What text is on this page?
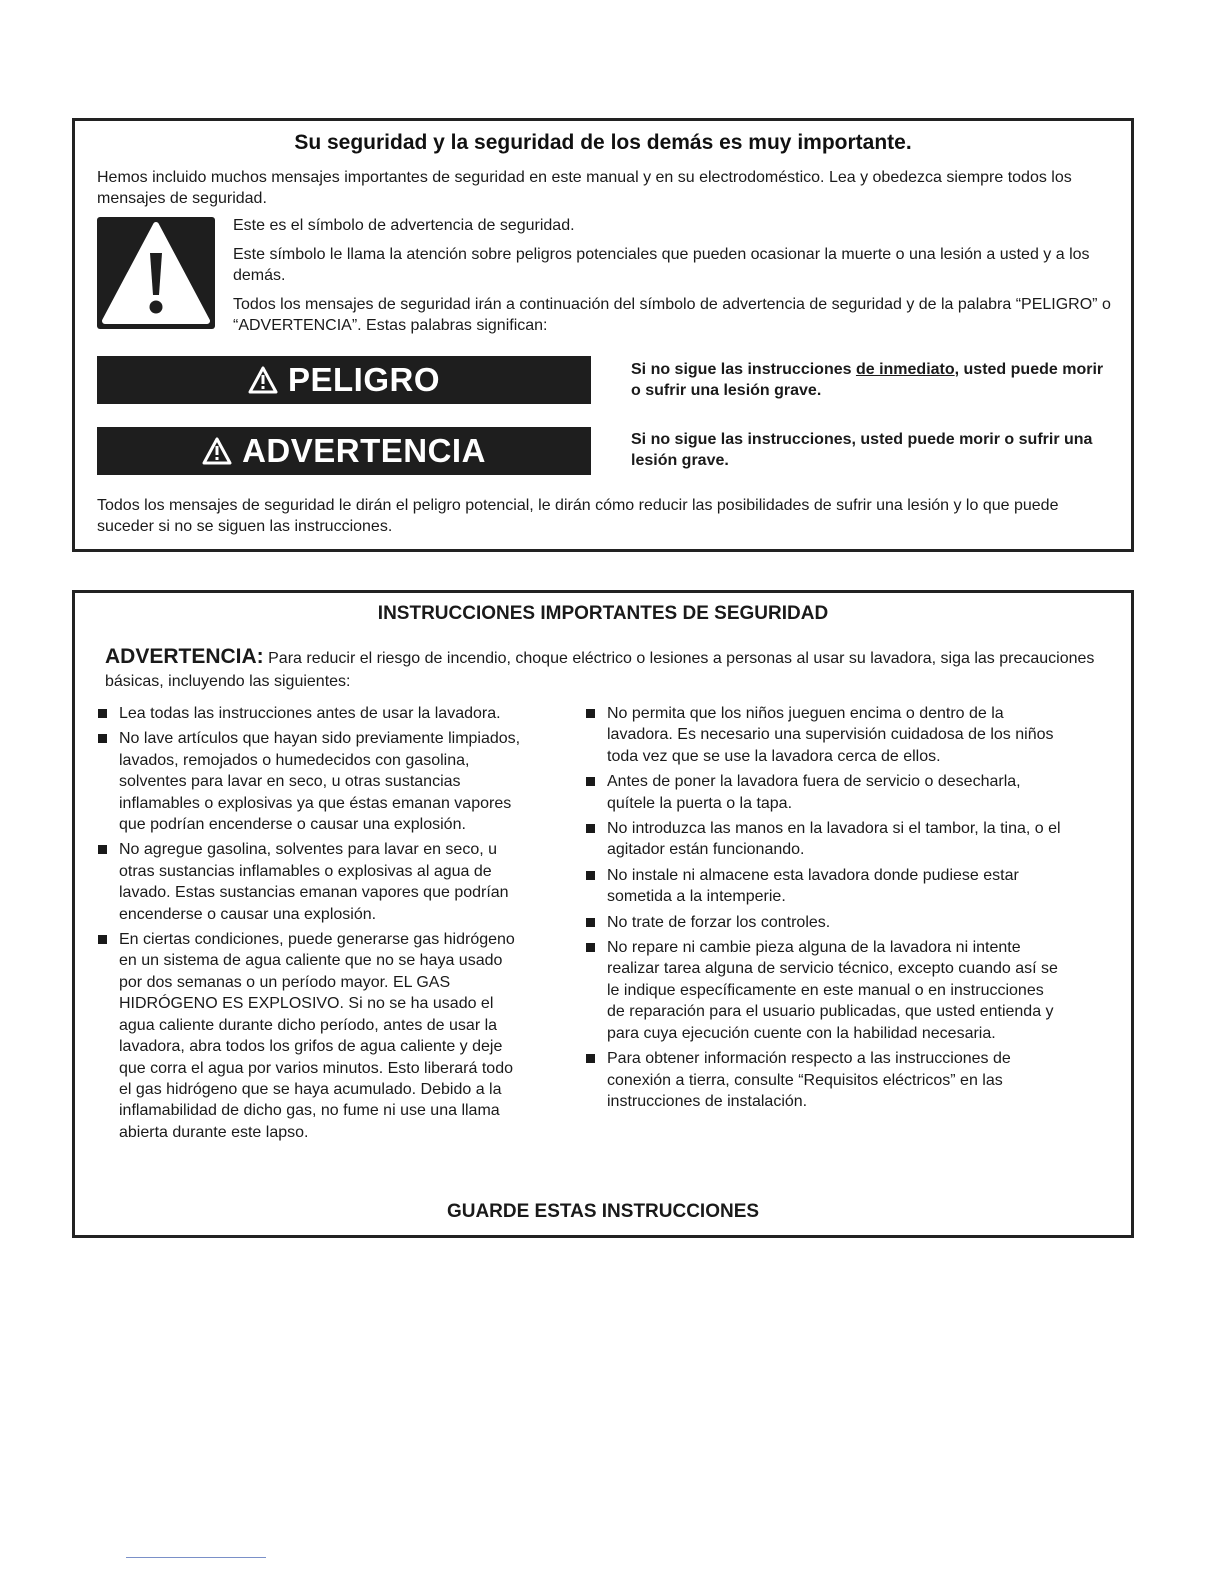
Su seguridad y la seguridad de los demás es muy importante.
Hemos incluido muchos mensajes importantes de seguridad en este manual y en su electrodoméstico. Lea y obedezca siempre todos los mensajes de seguridad.

Este es el símbolo de advertencia de seguridad.

Este símbolo le llama la atención sobre peligros potenciales que pueden ocasionar la muerte o una lesión a usted y a los demás.

Todos los mensajes de seguridad irán a continuación del símbolo de advertencia de seguridad y de la palabra “PELIGRO” o “ADVERTENCIA”. Estas palabras significan:

PELIGRO	Si no sigue las instrucciones de inmediato, usted puede morir o sufrir una lesión grave.
ADVERTENCIA	Si no sigue las instrucciones, usted puede morir o sufrir una lesión grave.
Todos los mensajes de seguridad le dirán el peligro potencial, le dirán cómo reducir las posibilidades de sufrir una lesión y lo que puede suceder si no se siguen las instrucciones.
INSTRUCCIONES IMPORTANTES DE SEGURIDAD
ADVERTENCIA: Para reducir el riesgo de incendio, choque eléctrico o lesiones a personas al usar su lavadora, siga las precauciones básicas, incluyendo las siguientes:
Lea todas las instrucciones antes de usar la lavadora.
No lave artículos que hayan sido previamente limpiados, lavados, remojados o humedecidos con gasolina, solventes para lavar en seco, u otras sustancias inflamables o explosivas ya que éstas emanan vapores que podrían encenderse o causar una explosión.
No agregue gasolina, solventes para lavar en seco, u otras sustancias inflamables o explosivas al agua de lavado. Estas sustancias emanan vapores que podrían encenderse o causar una explosión.
En ciertas condiciones, puede generarse gas hidrógeno en un sistema de agua caliente que no se haya usado por dos semanas o un período mayor. EL GAS HIDRÓGENO ES EXPLOSIVO. Si no se ha usado el agua caliente durante dicho período, antes de usar la lavadora, abra todos los grifos de agua caliente y deje que corra el agua por varios minutos. Esto liberará todo el gas hidrógeno que se haya acumulado. Debido a la inflamabilidad de dicho gas, no fume ni use una llama abierta durante este lapso.
No permita que los niños jueguen encima o dentro de la lavadora. Es necesario una supervisión cuidadosa de los niños toda vez que se use la lavadora cerca de ellos.
Antes de poner la lavadora fuera de servicio o desecharla, quítele la puerta o la tapa.
No introduzca las manos en la lavadora si el tambor, la tina, o el agitador están funcionando.
No instale ni almacene esta lavadora donde pudiese estar sometida a la intemperie.
No trate de forzar los controles.
No repare ni cambie pieza alguna de la lavadora ni intente realizar tarea alguna de servicio técnico, excepto cuando así se le indique específicamente en este manual o en instrucciones de reparación para el usuario publicadas, que usted entienda y para cuya ejecución cuente con la habilidad necesaria.
Para obtener información respecto a las instrucciones de conexión a tierra, consulte “Requisitos eléctricos” en las instrucciones de instalación.
GUARDE ESTAS INSTRUCCIONES
